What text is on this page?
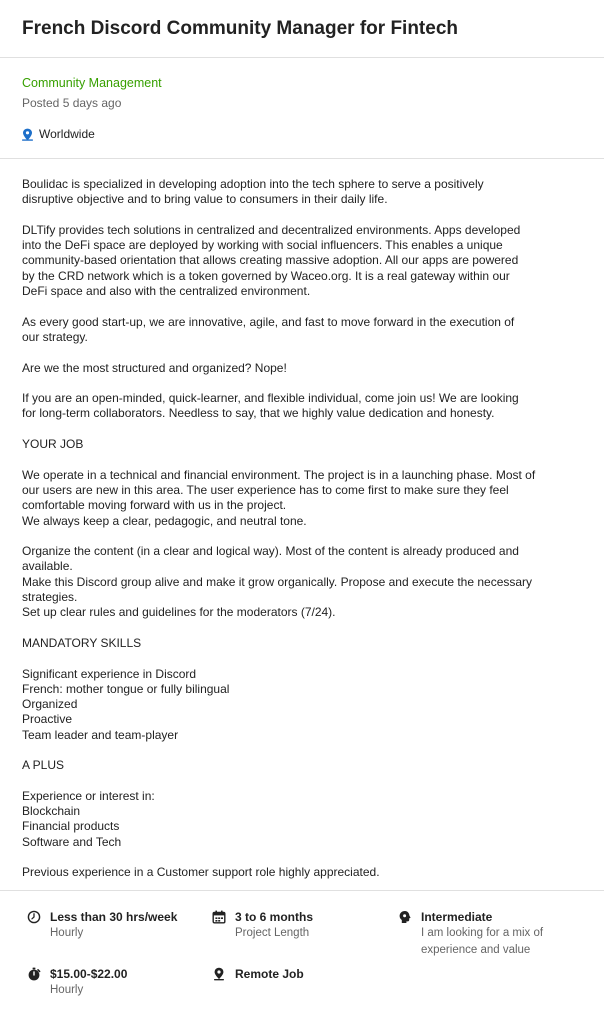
French Discord Community Manager for Fintech
Community Management
Posted 5 days ago
Worldwide

Boulidac is specialized in developing adoption into the tech sphere to serve a positively
disruptive objective and to bring value to consumers in their daily life.

DLTify provides tech solutions in centralized and decentralized environments. Apps developed
into the DeFi space are deployed by working with social influencers. This enables a unique
community-based orientation that allows creating massive adoption. All our apps are powered
by the CRD network which is a token governed by Waceo.org. It is a real gateway within our
DeFi space and also with the centralized environment.

As every good start-up, we are innovative, agile, and fast to move forward in the execution of
our strategy.

Are we the most structured and organized? Nope!

If you are an open-minded, quick-learner, and flexible individual, come join us! We are looking
for long-term collaborators. Needless to say, that we highly value dedication and honesty.

YOUR JOB

We operate in a technical and financial environment. The project is in a launching phase. Most of
our users are new in this area. The user experience has to come first to make sure they feel
comfortable moving forward with us in the project.
We always keep a clear, pedagogic, and neutral tone.

Organize the content (in a clear and logical way). Most of the content is already produced and
available.
Make this Discord group alive and make it grow organically. Propose and execute the necessary
strategies.
Set up clear rules and guidelines for the moderators (7/24).

MANDATORY SKILLS

Significant experience in Discord
French: mother tongue or fully bilingual
Organized
Proactive
Team leader and team-player

A PLUS

Experience or interest in:
Blockchain
Financial products
Software and Tech

Previous experience in a Customer support role highly appreciated.

Less than 30 hrs/week
Hourly
3 to 6 months
Project Length
Intermediate
I am looking for a mix of
experience and value
$15.00-$22.00
Hourly
Remote Job
